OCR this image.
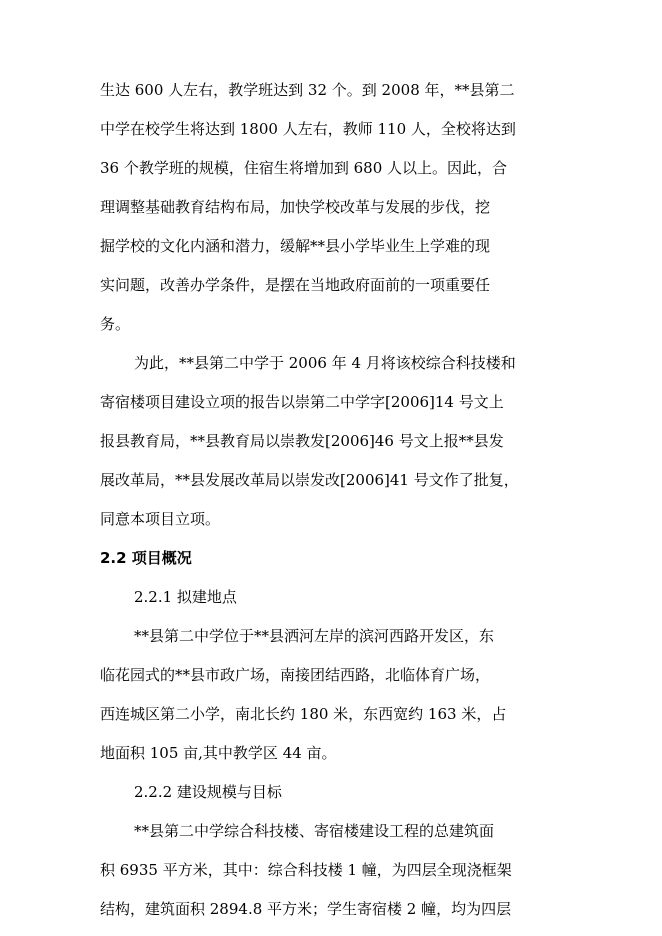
生达 600 人左右，教学班达到 32 个。到 2008 年，**县第二
中学在校学生将达到 1800 人左右，教师 110 人，全校将达到
36 个教学班的规模，住宿生将增加到 680 人以上。因此，合
理调整基础教育结构布局，加快学校改革与发展的步伐，挖
掘学校的文化内涵和潜力，缓解**县小学毕业生上学难的现
实问题，改善办学条件，是摆在当地政府面前的一项重要任
务。
为此，**县第二中学于 2006 年 4 月将该校综合科技楼和
寄宿楼项目建设立项的报告以崇第二中学字[2006]14 号文上
报县教育局，**县教育局以崇教发[2006]46 号文上报**县发
展改革局，**县发展改革局以崇发改[2006]41 号文作了批复，
同意本项目立项。
2.2 项目概况
2.2.1 拟建地点
**县第二中学位于**县洒河左岸的滨河西路开发区，东
临花园式的**县市政广场，南接团结西路，北临体育广场，
西连城区第二小学，南北长约 180 米，东西宽约 163 米，占
地面积 105 亩,其中教学区 44 亩。
2.2.2 建设规模与目标
**县第二中学综合科技楼、寄宿楼建设工程的总建筑面
积 6935 平方米，其中：综合科技楼 1 幢，为四层全现浇框架
结构，建筑面积 2894.8 平方米；学生寄宿楼 2 幢，均为四层
